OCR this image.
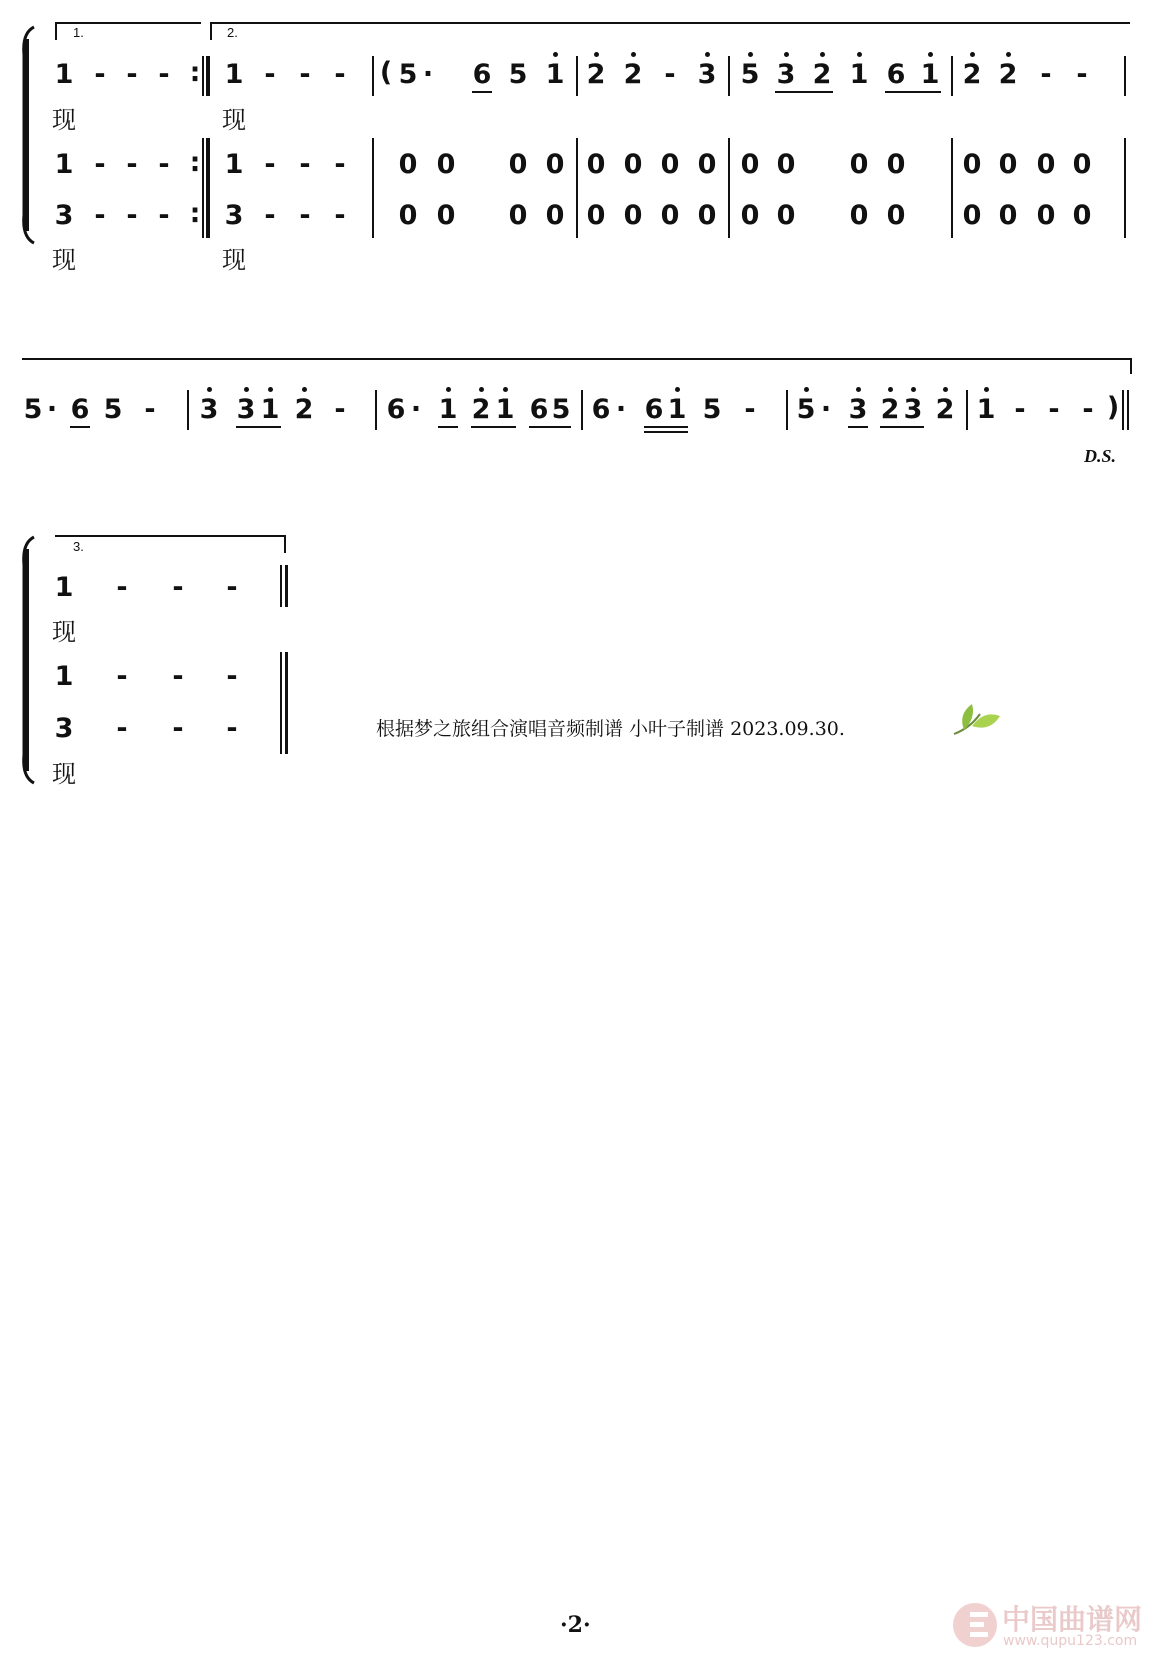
1.	2.
1 - - - : 1 - - - ( 5 · 6 5 1 2 2 - 3 5 3 2 1 6 1 2 2 - -
现	现
1 - - - : 1 - - - 0 0 0 0 0 0 0 0 0 0 0 0 0 0 0 0
3 - - - : 3 - - - 0 0 0 0 0 0 0 0 0 0 0 0 0 0 0 0
现	现
5 · 6 5 - 3 3 1 2 - 6 · 1 2 1 6 5 6 · 6 1 5 - 5 · 3 2 3 2 1 - - - )
D.S.
3.
1 - - -
现
1 - - -
3 - - -
现
根据梦之旅组合演唱音频制谱 小叶子制谱 2023.09.30.
·2·	中国曲谱网
www.qupu123.com
